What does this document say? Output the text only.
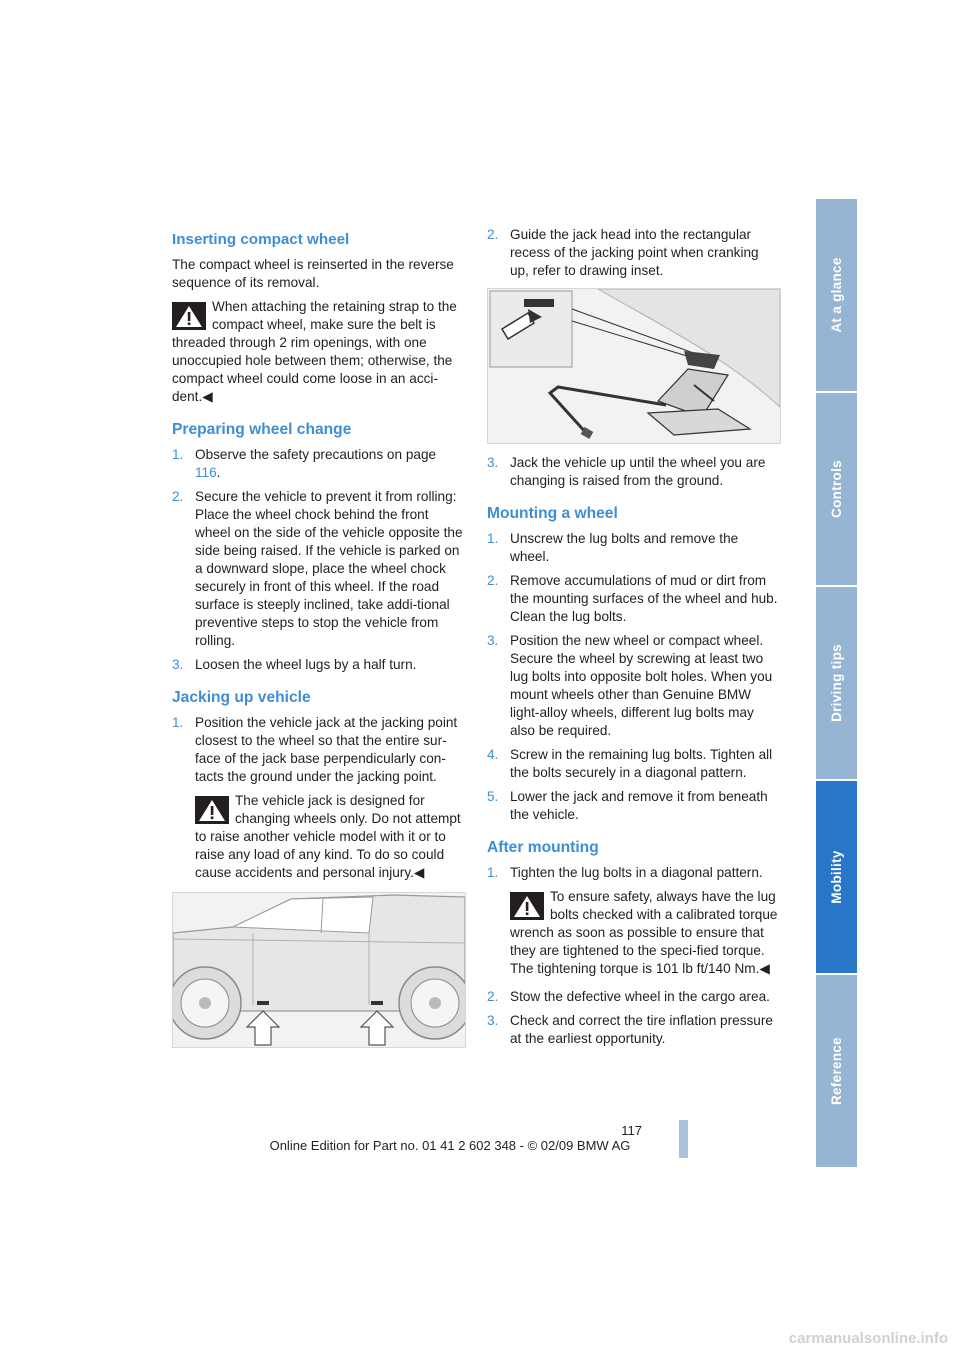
At a glance
Controls
Driving tips
Mobility
Reference
Inserting compact wheel

The compact wheel is reinserted in the reverse sequence of its removal.

When attaching the retaining strap to the compact wheel, make sure the belt is threaded through 2 rim openings, with one unoccupied hole between them; otherwise, the compact wheel could come loose in an acci-dent.◀
Preparing wheel change
1. Observe the safety precautions on page 116.
2. Secure the vehicle to prevent it from rolling: Place the wheel chock behind the front wheel on the side of the vehicle opposite the side being raised. If the vehicle is parked on a downward slope, place the wheel chock securely in front of this wheel. If the road surface is steeply inclined, take addi-tional preventive steps to stop the vehicle from rolling.
3. Loosen the wheel lugs by a half turn.
Jacking up vehicle
1. Position the vehicle jack at the jacking point closest to the wheel so that the entire sur-face of the jack base perpendicularly con-tacts the ground under the jacking point.
The vehicle jack is designed for changing wheels only. Do not attempt to raise another vehicle model with it or to raise any load of any kind. To do so could cause accidents and personal injury.◀
2. Guide the jack head into the rectangular recess of the jacking point when cranking up, refer to drawing inset.
3. Jack the vehicle up until the wheel you are changing is raised from the ground.
Mounting a wheel
1. Unscrew the lug bolts and remove the wheel.
2. Remove accumulations of mud or dirt from the mounting surfaces of the wheel and hub. Clean the lug bolts.
3. Position the new wheel or compact wheel. Secure the wheel by screwing at least two lug bolts into opposite bolt holes. When you mount wheels other than Genuine BMW light-alloy wheels, different lug bolts may also be required.
4. Screw in the remaining lug bolts. Tighten all the bolts securely in a diagonal pattern.
5. Lower the jack and remove it from beneath the vehicle.
After mounting
1. Tighten the lug bolts in a diagonal pattern.
To ensure safety, always have the lug bolts checked with a calibrated torque wrench as soon as possible to ensure that they are tightened to the speci-fied torque. The tightening torque is 101 lb ft/140 Nm.◀
2. Stow the defective wheel in the cargo area.
3. Check and correct the tire inflation pressure at the earliest opportunity.
117
Online Edition for Part no. 01 41 2 602 348 - © 02/09 BMW AG
carmanualsonline.info
